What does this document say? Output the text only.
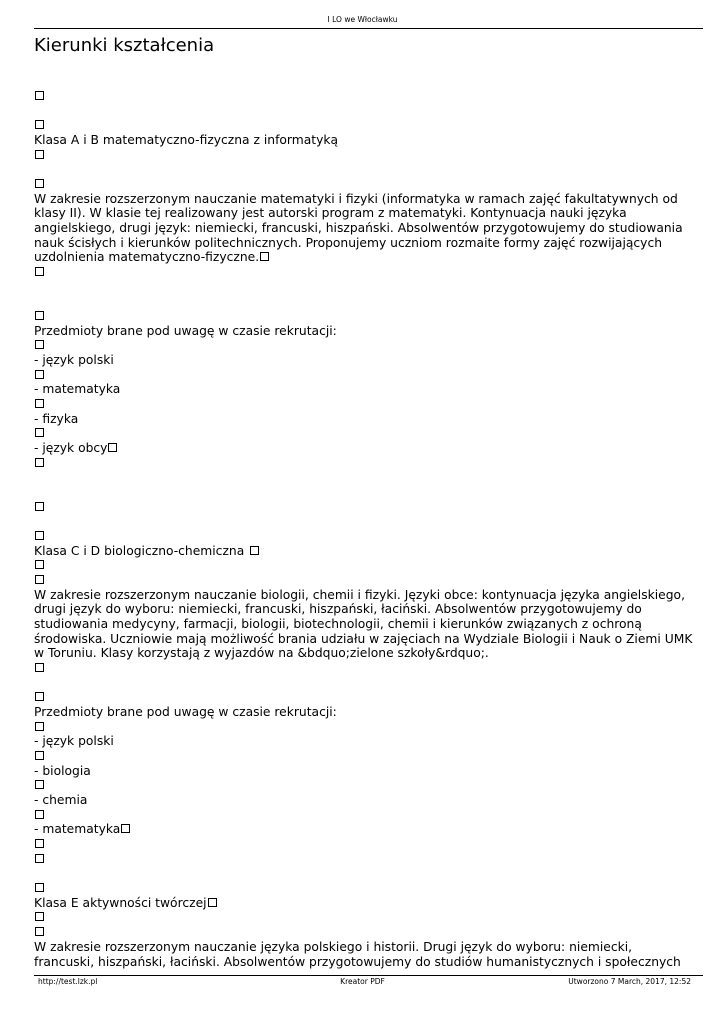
I LO we Włocławku
Kierunki kształcenia
Klasa A i B matematyczno-fizyczna z informatyką
W zakresie rozszerzonym nauczanie matematyki i fizyki (informatyka w ramach zajęć fakultatywnych od klasy II). W klasie tej realizowany jest autorski program z matematyki. Kontynuacja nauki języka angielskiego, drugi język: niemiecki, francuski, hiszpański. Absolwentów przygotowujemy do studiowania nauk ścisłych i kierunków politechnicznych. Proponujemy uczniom rozmaite formy zajęć rozwijających uzdolnienia matematyczno-fizyczne.
Przedmioty brane pod uwagę w czasie rekrutacji:
- język polski
- matematyka
- fizyka
- język obcy
Klasa C i D biologiczno-chemiczna
W zakresie rozszerzonym nauczanie biologii, chemii i fizyki. Języki obce: kontynuacja języka angielskiego, drugi język do wyboru: niemiecki, francuski, hiszpański, łaciński. Absolwentów przygotowujemy do studiowania medycyny, farmacji, biologii, biotechnologii, chemii i kierunków związanych z ochroną środowiska. Uczniowie mają możliwość brania udziału w zajęciach na Wydziale Biologii i Nauk o Ziemi UMK w Toruniu. Klasy korzystają z wyjazdów na &bdquo;zielone szkoły&rdquo;.
Przedmioty brane pod uwagę w czasie rekrutacji:
- język polski
- biologia
- chemia
- matematyka
Klasa E aktywności twórczej
W zakresie rozszerzonym nauczanie języka polskiego i historii. Drugi język do wyboru: niemiecki, francuski, hiszpański, łaciński. Absolwentów przygotowujemy do studiów humanistycznych i społecznych
http://test.lzk.pl	Kreator PDF	Utworzono 7 March, 2017, 12:52
